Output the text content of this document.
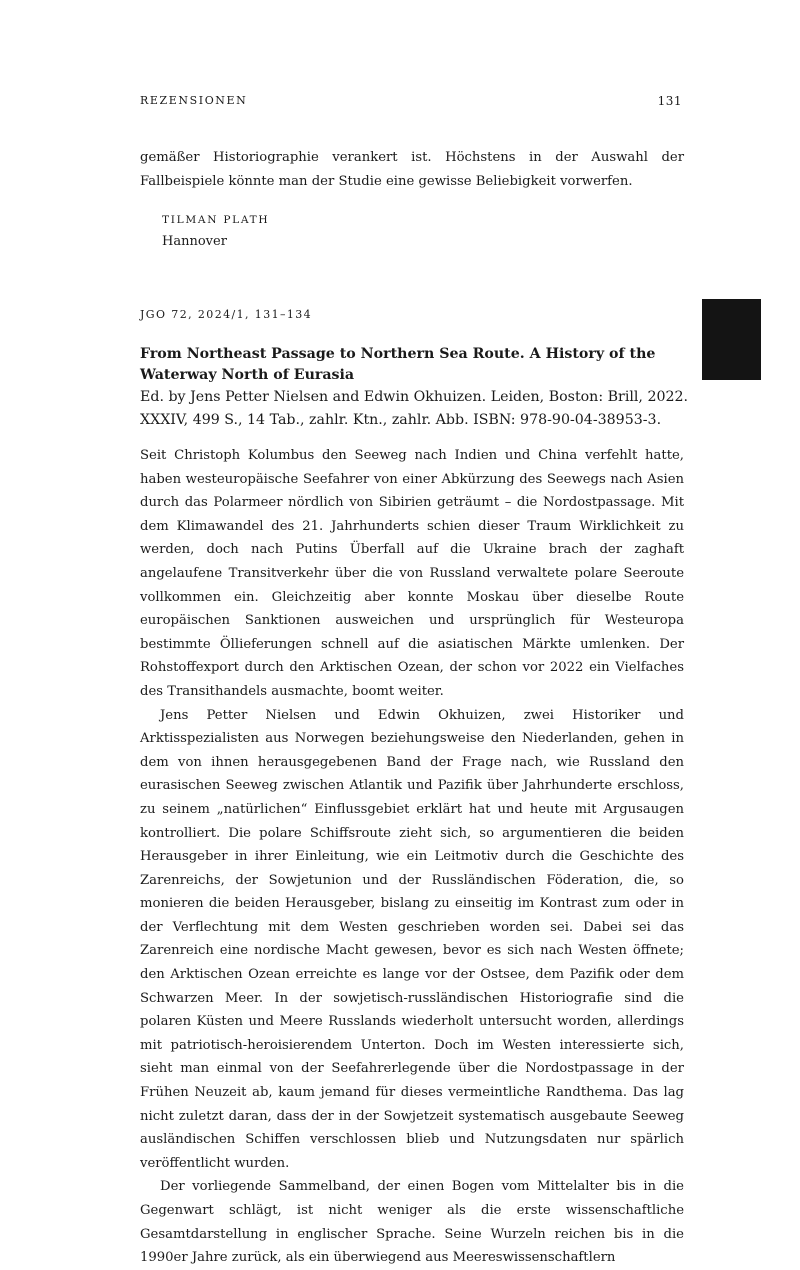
REZENSIONEN	131

gemäßer Historiographie verankert ist. Höchstens in der Auswahl der Fallbeispiele könnte man der Studie eine gewisse Beliebigkeit vorwerfen.

TILMAN PLATH
Hannover
JGO 72, 2024/1, 131–134

From Northeast Passage to Northern Sea Route. A History of the Waterway North of Eurasia

Ed. by Jens Petter Nielsen and Edwin Okhuizen. Leiden, Boston: Brill, 2022. XXXIV, 499 S., 14 Tab., zahlr. Ktn., zahlr. Abb. ISBN: 978-90-04-38953-3.

Seit Christoph Kolumbus den Seeweg nach Indien und China verfehlt hatte, haben westeuropäische Seefahrer von einer Abkürzung des Seewegs nach Asien durch das Polarmeer nördlich von Sibirien geträumt – die Nordostpassage. Mit dem Klimawandel des 21. Jahrhunderts schien dieser Traum Wirklichkeit zu werden, doch nach Putins Überfall auf die Ukraine brach der zaghaft angelaufene Transitverkehr über die von Russland verwaltete polare Seeroute vollkommen ein. Gleichzeitig aber konnte Moskau über dieselbe Route europäischen Sanktionen ausweichen und ursprünglich für Westeuropa bestimmte Öllieferungen schnell auf die asiatischen Märkte umlenken. Der Rohstoffexport durch den Arktischen Ozean, der schon vor 2022 ein Vielfaches des Transithandels ausmachte, boomt weiter.

Jens Petter Nielsen und Edwin Okhuizen, zwei Historiker und Arktisspezialisten aus Norwegen beziehungsweise den Niederlanden, gehen in dem von ihnen herausgegebenen Band der Frage nach, wie Russland den eurasischen Seeweg zwischen Atlantik und Pazifik über Jahrhunderte erschloss, zu seinem „natürlichen“ Einflussgebiet erklärt hat und heute mit Argusaugen kontrolliert. Die polare Schiffsroute zieht sich, so argumentieren die beiden Herausgeber in ihrer Einleitung, wie ein Leitmotiv durch die Geschichte des Zarenreichs, der Sowjetunion und der Russländischen Föderation, die, so monieren die beiden Herausgeber, bislang zu einseitig im Kontrast zum oder in der Verflechtung mit dem Westen geschrieben worden sei. Dabei sei das Zarenreich eine nordische Macht gewesen, bevor es sich nach Westen öffnete; den Arktischen Ozean erreichte es lange vor der Ostsee, dem Pazifik oder dem Schwarzen Meer. In der sowjetisch-russländischen Historiografie sind die polaren Küsten und Meere Russlands wiederholt untersucht worden, allerdings mit patriotisch-heroisierendem Unterton. Doch im Westen interessierte sich, sieht man einmal von der Seefahrerlegende über die Nordostpassage in der Frühen Neuzeit ab, kaum jemand für dieses vermeintliche Randthema. Das lag nicht zuletzt daran, dass der in der Sowjetzeit systematisch ausgebaute Seeweg ausländischen Schiffen verschlossen blieb und Nutzungsdaten nur spärlich veröffentlicht wurden.

Der vorliegende Sammelband, der einen Bogen vom Mittelalter bis in die Gegenwart schlägt, ist nicht weniger als die erste wissenschaftliche Gesamtdarstellung in englischer Sprache. Seine Wurzeln reichen bis in die 1990er Jahre zurück, als ein überwiegend aus Meereswissenschaftlern
